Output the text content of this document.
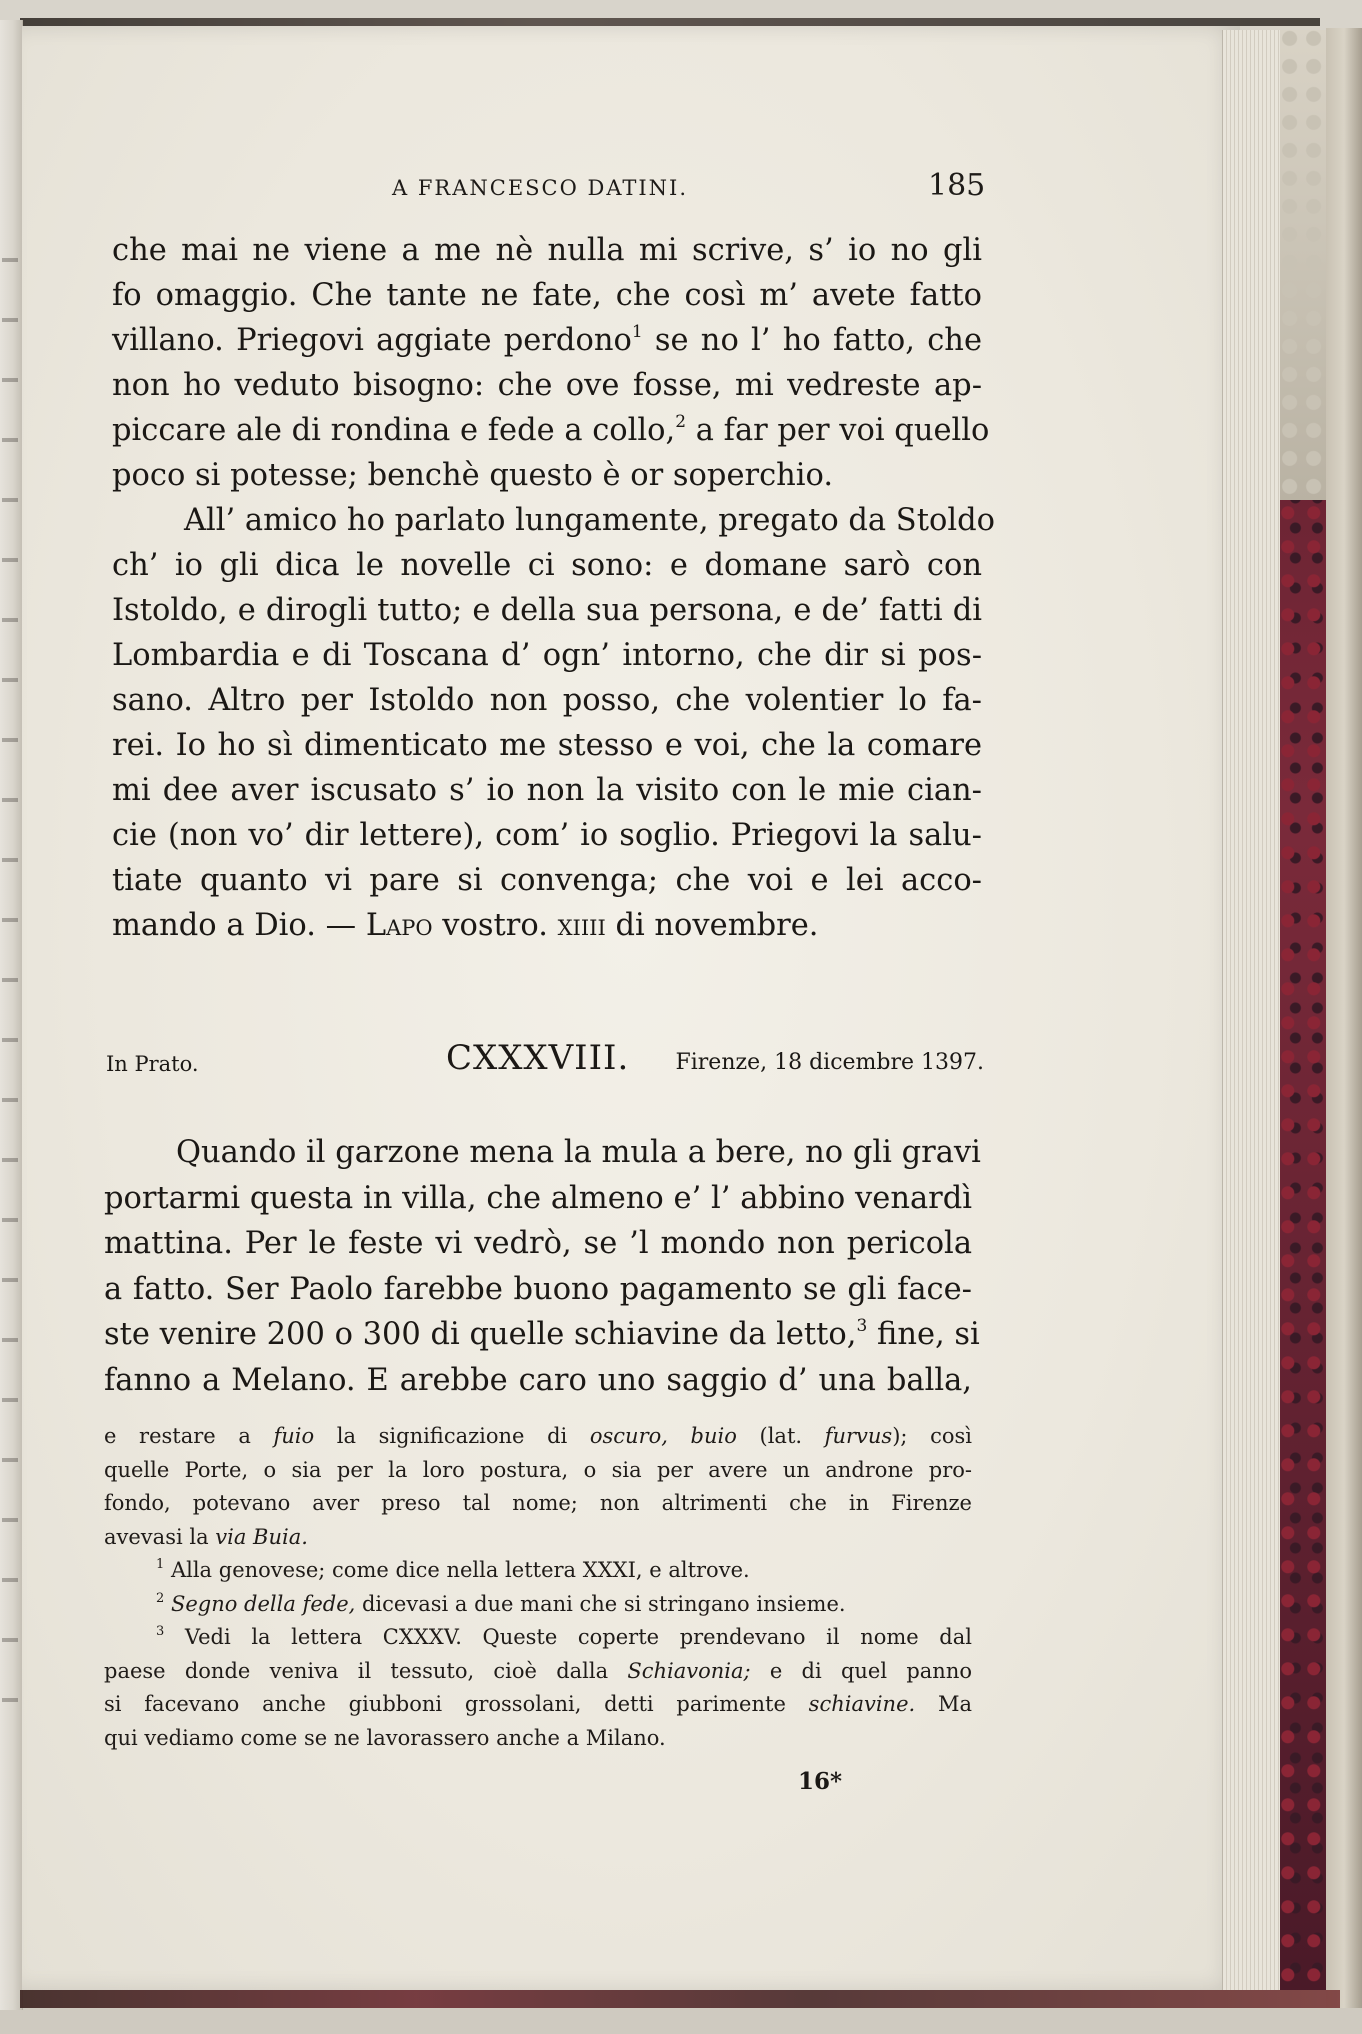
A FRANCESCO DATINI.	185
che mai ne viene a me nè nulla mi scrive, s’ io no gli
fo omaggio. Che tante ne fate, che così m’ avete fatto
villano. Priegovi aggiate perdono$^1$ se no l’ ho fatto, che
non ho veduto bisogno: che ove fosse, mi vedreste ap-
piccare ale di rondina e fede a collo,$^2$ a far per voi quello
poco si potesse; benchè questo è or soperchio.
All’ amico ho parlato lungamente, pregato da Stoldo
ch’ io gli dica le novelle ci sono: e domane sarò con
Istoldo, e dirogli tutto; e della sua persona, e de’ fatti di
Lombardia e di Toscana d’ ogn’ intorno, che dir si pos-
sano. Altro per Istoldo non posso, che volentier lo fa-
rei. Io ho sì dimenticato me stesso e voi, che la comare
mi dee aver iscusato s’ io non la visito con le mie cian-
cie (non vo’ dir lettere), com’ io soglio. Priegovi la salu-
tiate quanto vi pare si convenga; che voi e lei acco-
mando a Dio. — Lapo vostro. xiiii di novembre.
In Prato.	CXXXVIII. Firenze, 18 dicembre 1397.
Quando il garzone mena la mula a bere, no gli gravi
portarmi questa in villa, che almeno e’ l’ abbino venardì
mattina. Per le feste vi vedrò, se ’l mondo non pericola
a fatto. Ser Paolo farebbe buono pagamento se gli face-
ste venire 200 o 300 di quelle schiavine da letto,$^3$ fine, si
fanno a Melano. E arebbe caro uno saggio d’ una balla,
e restare a fuio la significazione di oscuro, buio (lat. furvus); così
quelle Porte, o sia per la loro postura, o sia per avere un androne pro-
fondo, potevano aver preso tal nome; non altrimenti che in Firenze
avevasi la via Buia.
$^1$ Alla genovese; come dice nella lettera XXXI, e altrove.
$^2$ Segno della fede, dicevasi a due mani che si stringano insieme.
$^3$ Vedi la lettera CXXXV. Queste coperte prendevano il nome dal
paese donde veniva il tessuto, cioè dalla Schiavonia; e di quel panno
si facevano anche giubboni grossolani, detti parimente schiavine. Ma
qui vediamo come se ne lavorassero anche a Milano.
16*
